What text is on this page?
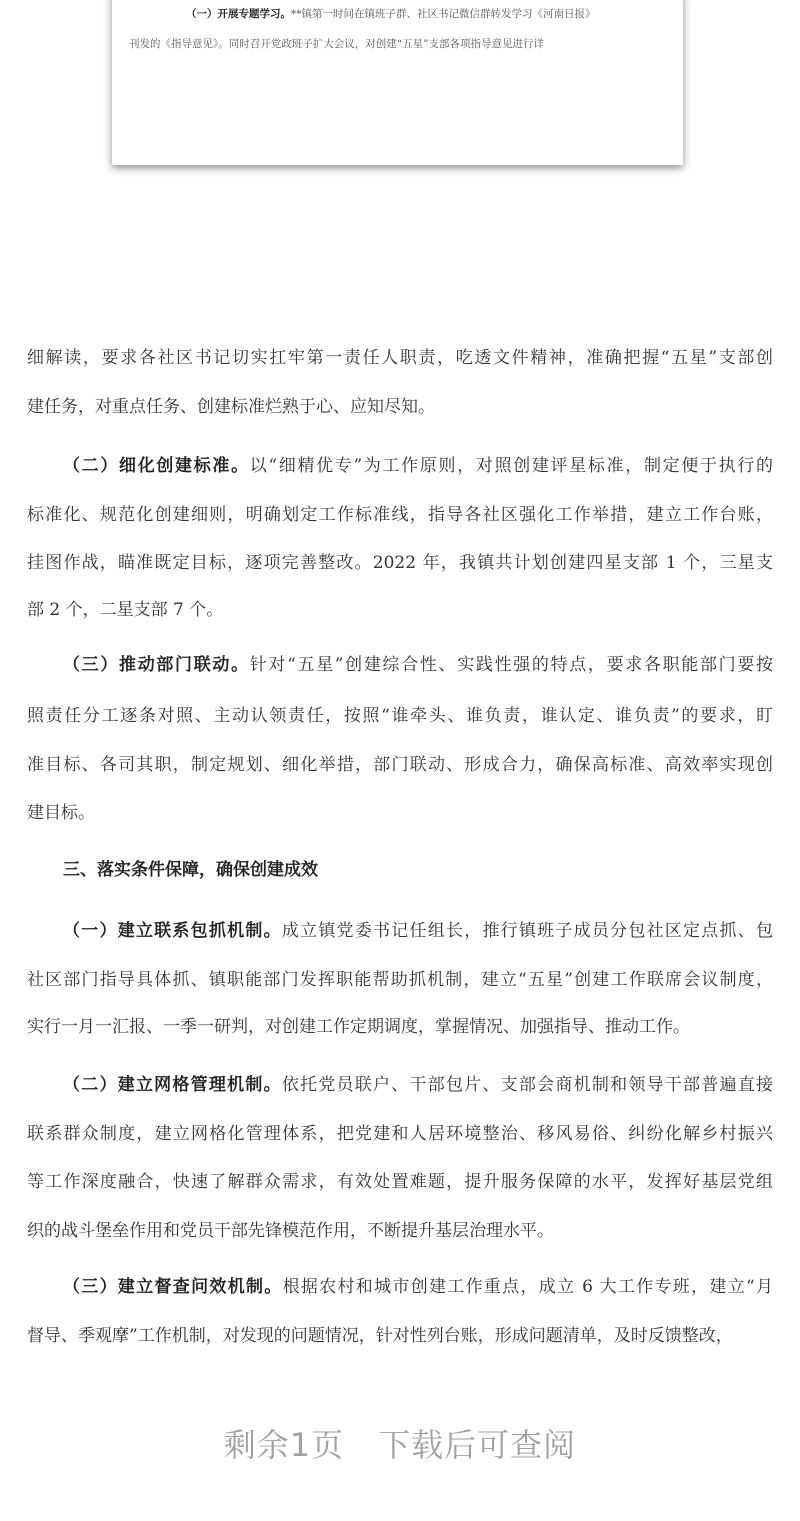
（一）开展专题学习。**镇第一时间在镇班子群、社区书记微信群转发学习《河南日报》
刊发的《指导意见》。同时召开党政班子扩大会议，对创建“五星”支部各项指导意见进行详
细解读，要求各社区书记切实扛牢第一责任人职责，吃透文件精神，准确把握“五星”支部创
建任务，对重点任务、创建标准烂熟于心、应知尽知。
（二）细化创建标准。以“细精优专”为工作原则，对照创建评星标准，制定便于执行的
标准化、规范化创建细则，明确划定工作标准线，指导各社区强化工作举措，建立工作台账，
挂图作战，瞄准既定目标，逐项完善整改。2022 年，我镇共计划创建四星支部 1 个，三星支
部 2 个，二星支部 7 个。
（三）推动部门联动。针对“五星”创建综合性、实践性强的特点，要求各职能部门要按
照责任分工逐条对照、主动认领责任，按照“谁牵头、谁负责，谁认定、谁负责”的要求，盯
准目标、各司其职，制定规划、细化举措，部门联动、形成合力，确保高标准、高效率实现创
建目标。
三、落实条件保障，确保创建成效
（一）建立联系包抓机制。成立镇党委书记任组长，推行镇班子成员分包社区定点抓、包
社区部门指导具体抓、镇职能部门发挥职能帮助抓机制，建立“五星”创建工作联席会议制度，
实行一月一汇报、一季一研判，对创建工作定期调度，掌握情况、加强指导、推动工作。
（二）建立网格管理机制。依托党员联户、干部包片、支部会商机制和领导干部普遍直接
联系群众制度，建立网格化管理体系，把党建和人居环境整治、移风易俗、纠纷化解乡村振兴
等工作深度融合，快速了解群众需求，有效处置难题，提升服务保障的水平，发挥好基层党组
织的战斗堡垒作用和党员干部先锋模范作用，不断提升基层治理水平。
（三）建立督查问效机制。根据农村和城市创建工作重点，成立 6 大工作专班，建立“月
督导、季观摩”工作机制，对发现的问题情况，针对性列台账，形成问题清单，及时反馈整改，
剩余1页 下载后可查阅
